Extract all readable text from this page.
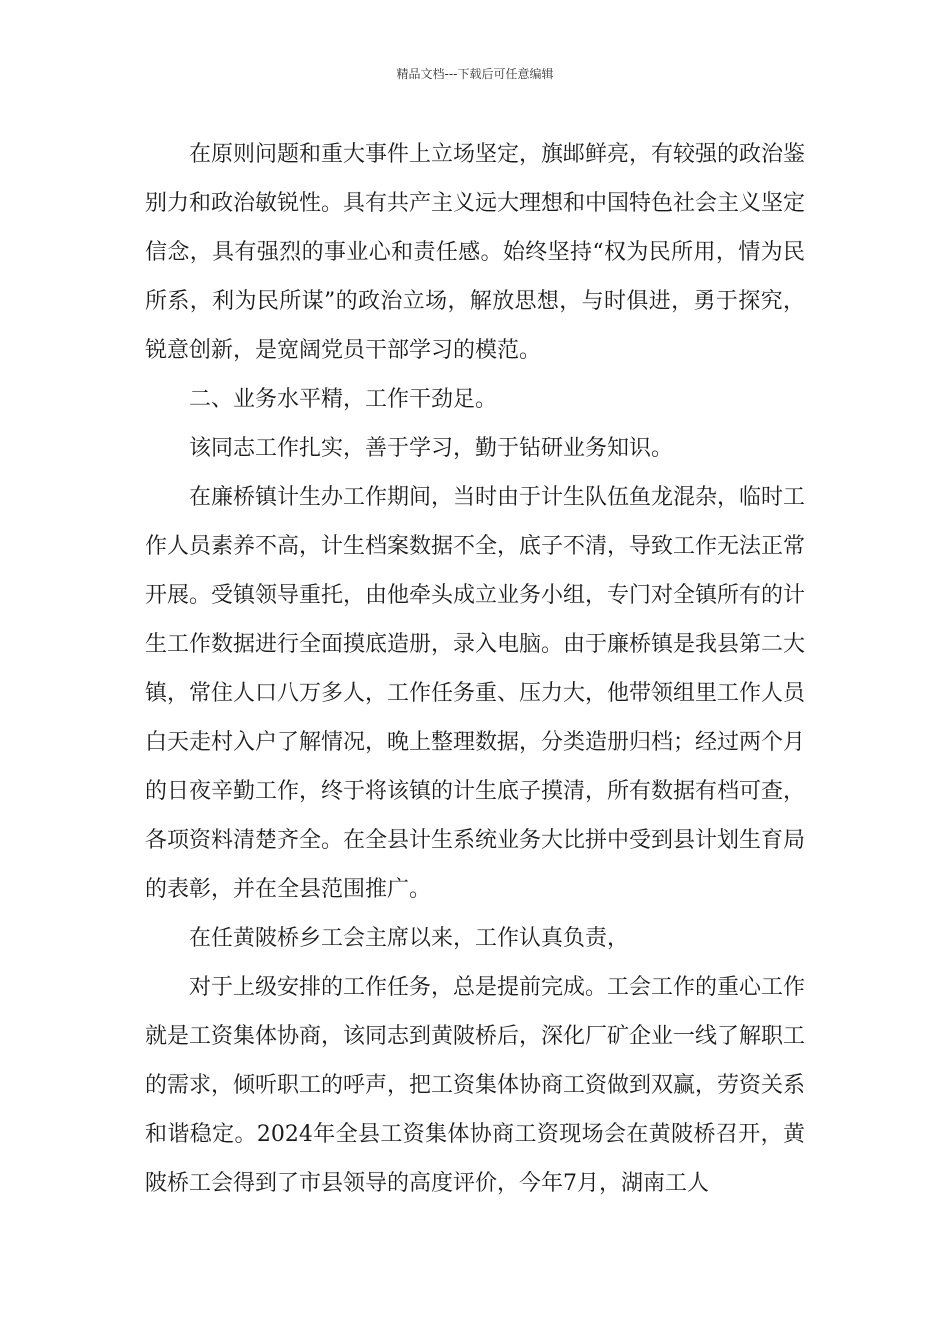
精品文档---下载后可任意编辑

在原则问题和重大事件上立场坚定，旗䢺鲜亮，有较强的政治鉴别力和政治敏锐性。具有共产主义远大理想和中国特色社会主义坚定信念，具有强烈的事业心和责任感。始终坚持“权为民所用，情为民所系，利为民所谋”的政治立场，解放思想，与时俱进，勇于探究，锐意创新，是宽阔党员干部学习的模范。

二、业务水平精，工作干劲足。

该同志工作扎实，善于学习，勤于钻研业务知识。

在廉桥镇计生办工作期间，当时由于计生队伍鱼龙混杂，临时工作人员素养不高，计生档案数据不全，底子不清，导致工作无法正常开展。受镇领导重托，由他牵头成立业务小组，专门对全镇所有的计生工作数据进行全面摸底造册，录入电脑。由于廉桥镇是我县第二大镇，常住人口八万多人，工作任务重、压力大，他带领组里工作人员白天走村入户了解情况，晚上整理数据，分类造册归档；经过两个月的日夜辛勤工作，终于将该镇的计生底子摸清，所有数据有档可查，各项资料清楚齐全。在全县计生系统业务大比拼中受到县计划生育局的表彰，并在全县范围推广。

在任黄陂桥乡工会主席以来，工作认真负责，

对于上级安排的工作任务，总是提前完成。工会工作的重心工作就是工资集体协商，该同志到黄陂桥后，深化厂矿企业一线了解职工的需求，倾听职工的呼声，把工资集体协商工资做到双赢，劳资关系和谐稳定。2024年全县工资集体协商工资现场会在黄陂桥召开，黄陂桥工会得到了市县领导的高度评价，今年7月，湖南工人
